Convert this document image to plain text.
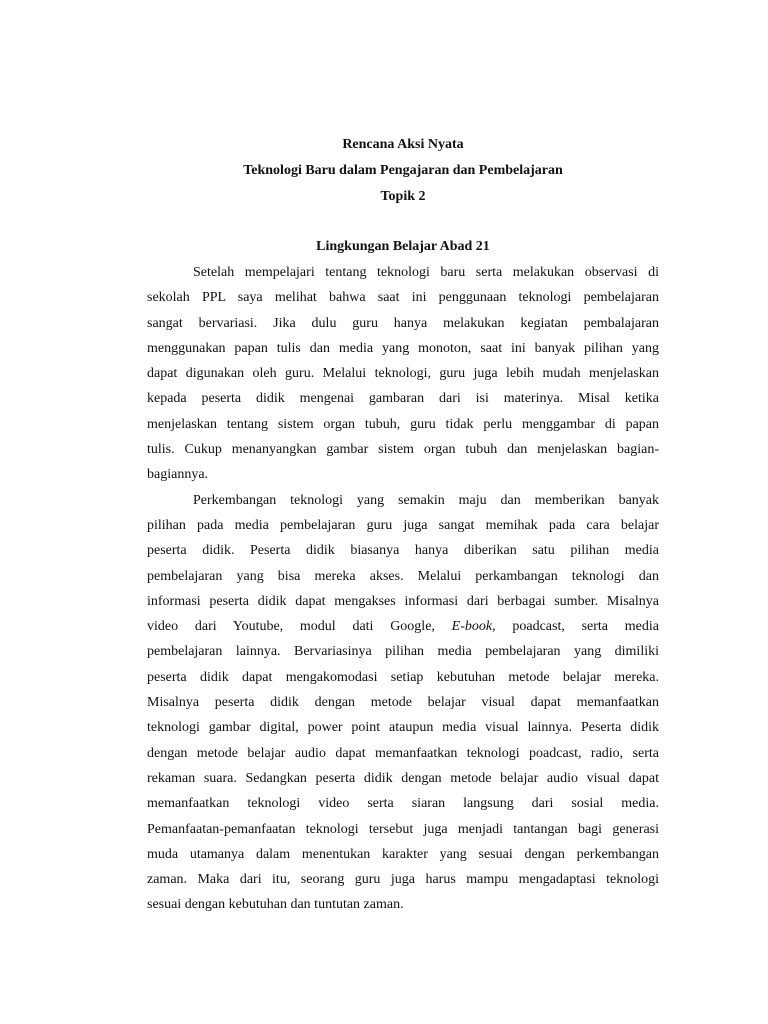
Rencana Aksi Nyata

Teknologi Baru dalam Pengajaran dan Pembelajaran

Topik 2

Lingkungan Belajar Abad 21

Setelah mempelajari tentang teknologi baru serta melakukan observasi di
sekolah PPL saya melihat bahwa saat ini penggunaan teknologi pembelajaran
sangat bervariasi. Jika dulu guru hanya melakukan kegiatan pembalajaran
menggunakan papan tulis dan media yang monoton, saat ini banyak pilihan yang
dapat digunakan oleh guru. Melalui teknologi, guru juga lebih mudah menjelaskan
kepada peserta didik mengenai gambaran dari isi materinya. Misal ketika
menjelaskan tentang sistem organ tubuh, guru tidak perlu menggambar di papan
tulis. Cukup menanyangkan gambar sistem organ tubuh dan menjelaskan bagian-
bagiannya.
Perkembangan teknologi yang semakin maju dan memberikan banyak
pilihan pada media pembelajaran guru juga sangat memihak pada cara belajar
peserta didik. Peserta didik biasanya hanya diberikan satu pilihan media
pembelajaran yang bisa mereka akses. Melalui perkambangan teknologi dan
informasi peserta didik dapat mengakses informasi dari berbagai sumber. Misalnya
video dari Youtube, modul dati Google, E-book, poadcast, serta media
pembelajaran lainnya. Bervariasinya pilihan media pembelajaran yang dimiliki
peserta didik dapat mengakomodasi setiap kebutuhan metode belajar mereka.
Misalnya peserta didik dengan metode belajar visual dapat memanfaatkan
teknologi gambar digital, power point ataupun media visual lainnya. Peserta didik
dengan metode belajar audio dapat memanfaatkan teknologi poadcast, radio, serta
rekaman suara. Sedangkan peserta didik dengan metode belajar audio visual dapat
memanfaatkan teknologi video serta siaran langsung dari sosial media.
Pemanfaatan-pemanfaatan teknologi tersebut juga menjadi tantangan bagi generasi
muda utamanya dalam menentukan karakter yang sesuai dengan perkembangan
zaman. Maka dari itu, seorang guru juga harus mampu mengadaptasi teknologi
sesuai dengan kebutuhan dan tuntutan zaman.
